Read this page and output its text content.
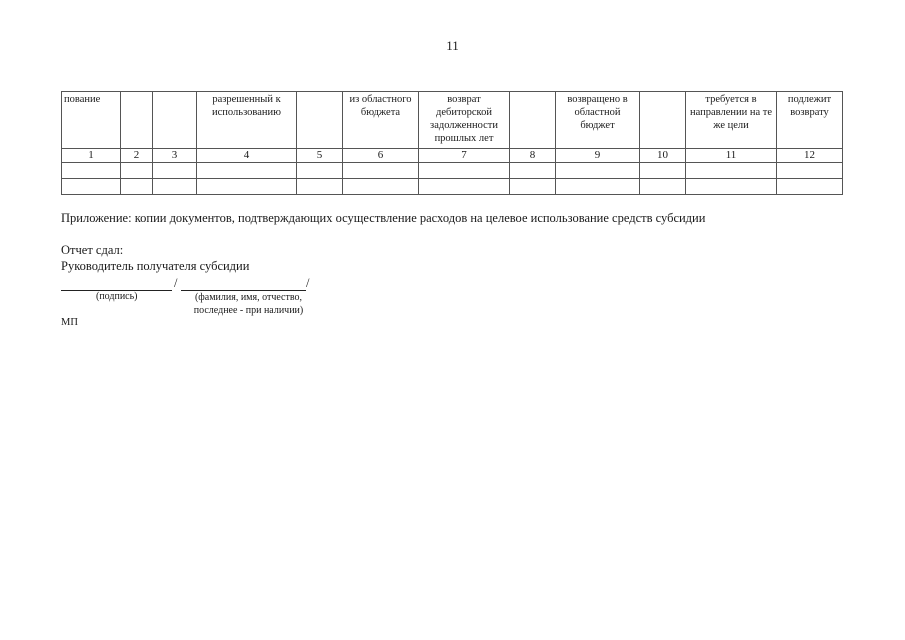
11
пование			разрешенный к использованию		из областного бюджета	возврат дебиторской задолженности прошлых лет		возвращено в областной бюджет		требуется в направлении на те же цели	подлежит возврату
1	2	3	4	5	6	7	8	9	10	11	12

Приложение: копии документов, подтверждающих осуществление расходов на целевое использование средств субсидии
Отчет сдал:
Руководитель получателя субсидии
/	/
(подпись)	(фамилия, имя, отчество,
последнее - при наличии)
МП
